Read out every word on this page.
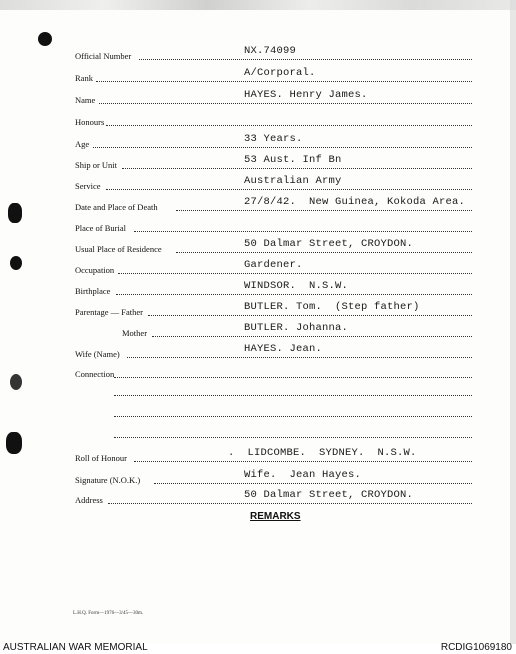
Official Number	NX.74099
Rank	A/Corporal.
Name	HAYES. Henry James.
Honours
Age	33 Years.
Ship or Unit	53 Aust. Inf Bn
Service	Australian Army
Date and Place of Death	27/8/42.  New Guinea, Kokoda Area.
Place of Burial
Usual Place of Residence	50 Dalmar Street, CROYDON.
Occupation	Gardener.
Birthplace	WINDSOR.  N.S.W.
Parentage — Father	BUTLER. Tom.  (Step father)
Mother	BUTLER. Johanna.
Wife (Name)	HAYES. Jean.
Connection
Roll of Honour	.  LIDCOMBE.  SYDNEY.  N.S.W.
Signature (N.O.K.)	Wife.  Jean Hayes.
Address	50 Dalmar Street, CROYDON.
REMARKS
L.H.Q. Form—1976—3/45—30m.
AUSTRALIAN WAR MEMORIAL	RCDIG1069180
